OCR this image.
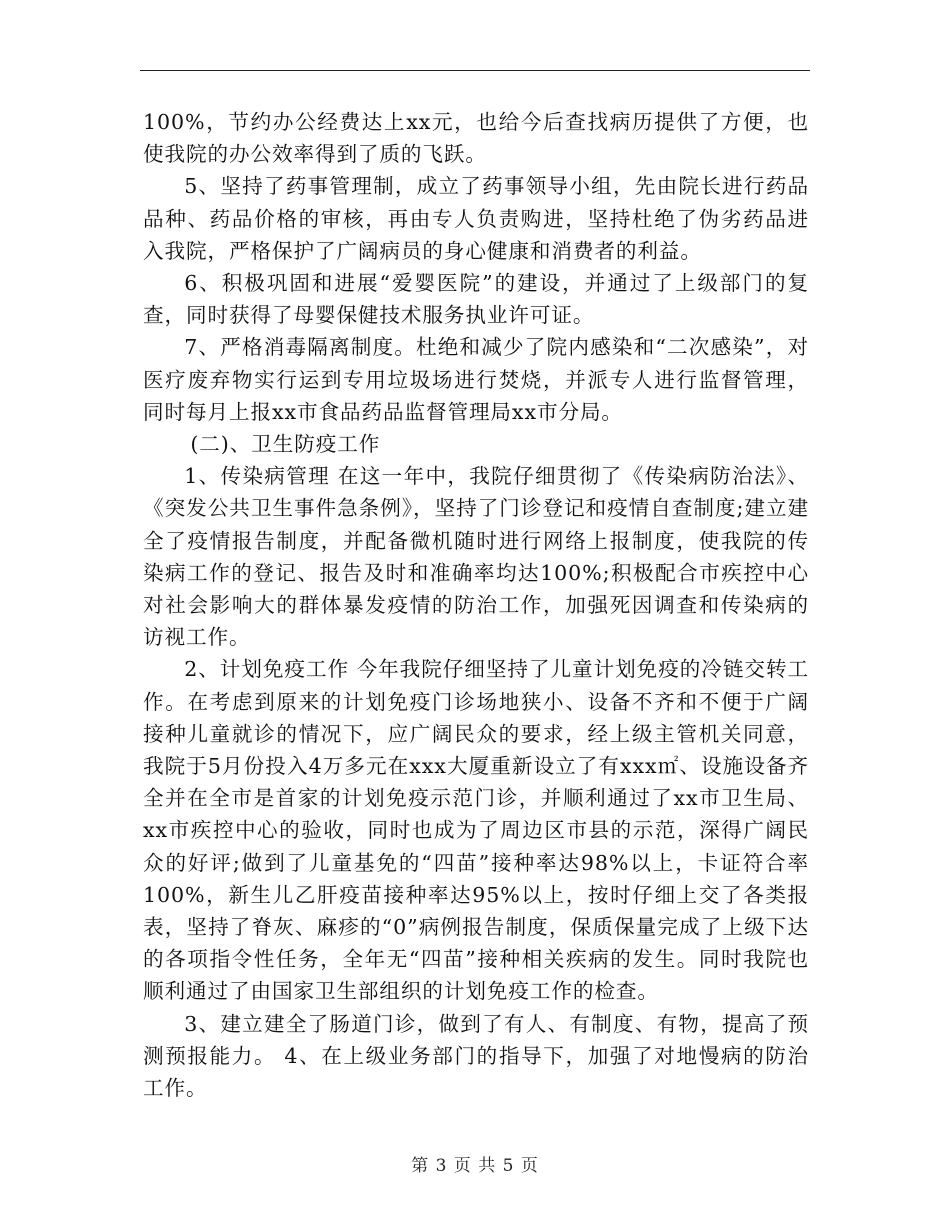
100%，节约办公经费达上xx元，也给今后查找病历提供了方便，也使我院的办公效率得到了质的飞跃。

5、坚持了药事管理制，成立了药事领导小组，先由院长进行药品品种、药品价格的审核，再由专人负责购进，坚持杜绝了伪劣药品进入我院，严格保护了广阔病员的身心健康和消费者的利益。

6、积极巩固和进展“爱婴医院”的建设，并通过了上级部门的复查，同时获得了母婴保健技术服务执业许可证。

7、严格消毒隔离制度。杜绝和减少了院内感染和“二次感染”，对医疗废弃物实行运到专用垃圾场进行焚烧，并派专人进行监督管理，同时每月上报xx市食品药品监督管理局xx市分局。

(二)、卫生防疫工作

1、传染病管理 在这一年中，我院仔细贯彻了《传染病防治法》、《突发公共卫生事件急条例》，坚持了门诊登记和疫情自查制度;建立建全了疫情报告制度，并配备微机随时进行网络上报制度，使我院的传染病工作的登记、报告及时和准确率均达100%;积极配合市疾控中心对社会影响大的群体暴发疫情的防治工作，加强死因调查和传染病的访视工作。

2、计划免疫工作 今年我院仔细坚持了儿童计划免疫的冷链交转工作。在考虑到原来的计划免疫门诊场地狭小、设备不齐和不便于广阔接种儿童就诊的情况下，应广阔民众的要求，经上级主管机关同意，我院于5月份投入4万多元在xxx大厦重新设立了有xxx㎡、设施设备齐全并在全市是首家的计划免疫示范门诊，并顺利通过了xx市卫生局、xx市疾控中心的验收，同时也成为了周边区市县的示范，深得广阔民众的好评;做到了儿童基免的“四苗”接种率达98%以上，卡证符合率100%，新生儿乙肝疫苗接种率达95%以上，按时仔细上交了各类报表，坚持了脊灰、麻疹的“0”病例报告制度，保质保量完成了上级下达的各项指令性任务，全年无“四苗”接种相关疾病的发生。同时我院也顺利通过了由国家卫生部组织的计划免疫工作的检查。

3、建立建全了肠道门诊，做到了有人、有制度、有物，提高了预测预报能力。 4、在上级业务部门的指导下，加强了对地慢病的防治工作。

第 3 页 共 5 页
